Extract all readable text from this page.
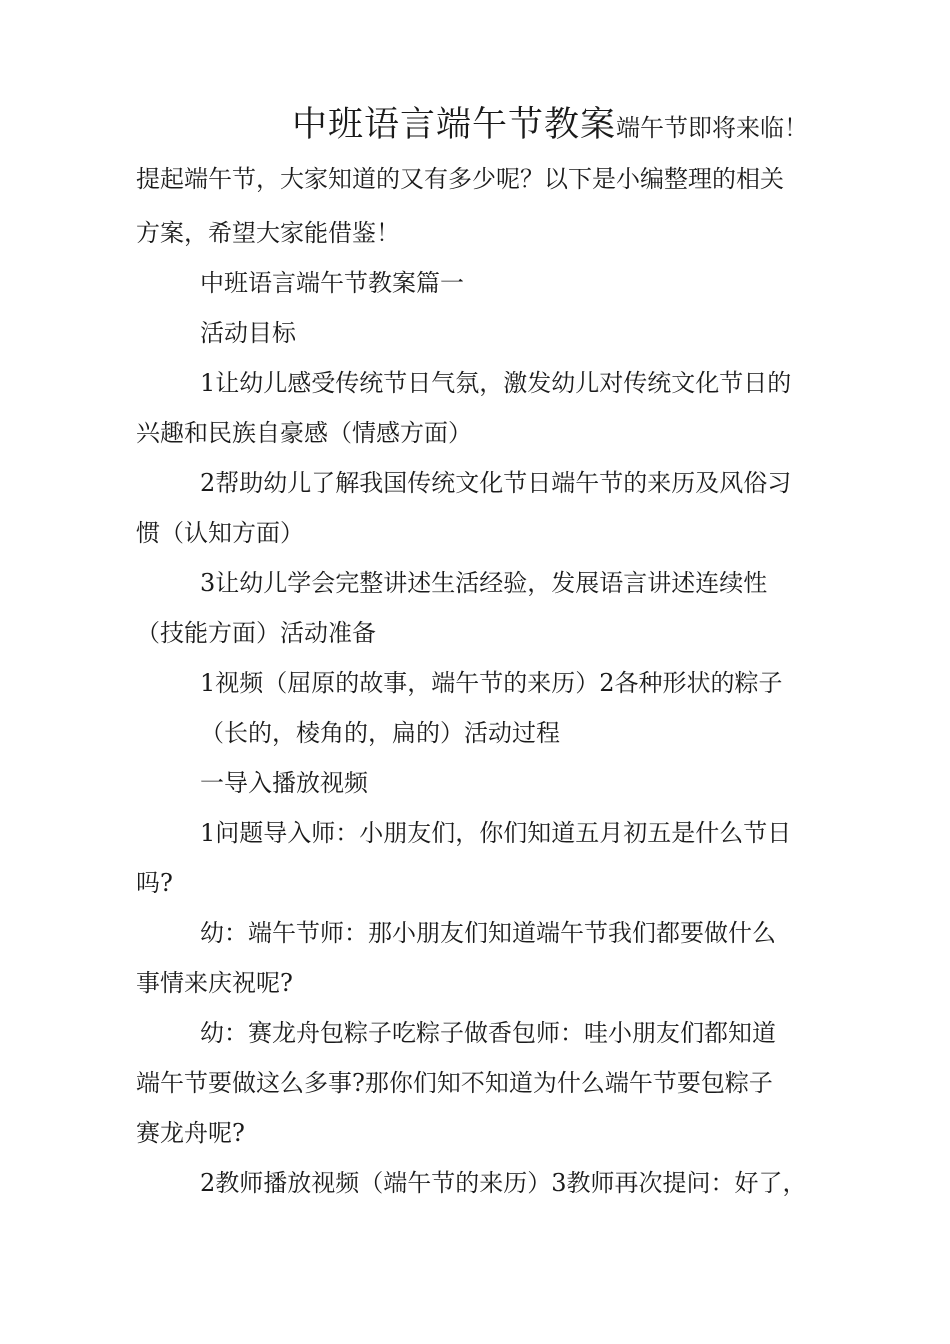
中班语言端午节教案端午节即将来临！
提起端午节，大家知道的又有多少呢？以下是小编整理的相关
方案，希望大家能借鉴！
中班语言端午节教案篇一
活动目标
1让幼儿感受传统节日气氛，激发幼儿对传统文化节日的
兴趣和民族自豪感（情感方面）
2帮助幼儿了解我国传统文化节日端午节的来历及风俗习
惯（认知方面）
3让幼儿学会完整讲述生活经验，发展语言讲述连续性
（技能方面）活动准备
1视频（屈原的故事，端午节的来历）2各种形状的粽子
（长的，棱角的，扁的）活动过程
一导入播放视频
1问题导入师：小朋友们，你们知道五月初五是什么节日
吗?
幼：端午节师：那小朋友们知道端午节我们都要做什么
事情来庆祝呢?
幼：赛龙舟包粽子吃粽子做香包师：哇小朋友们都知道
端午节要做这么多事?那你们知不知道为什么端午节要包粽子
赛龙舟呢?
2教师播放视频（端午节的来历）3教师再次提问：好了，
